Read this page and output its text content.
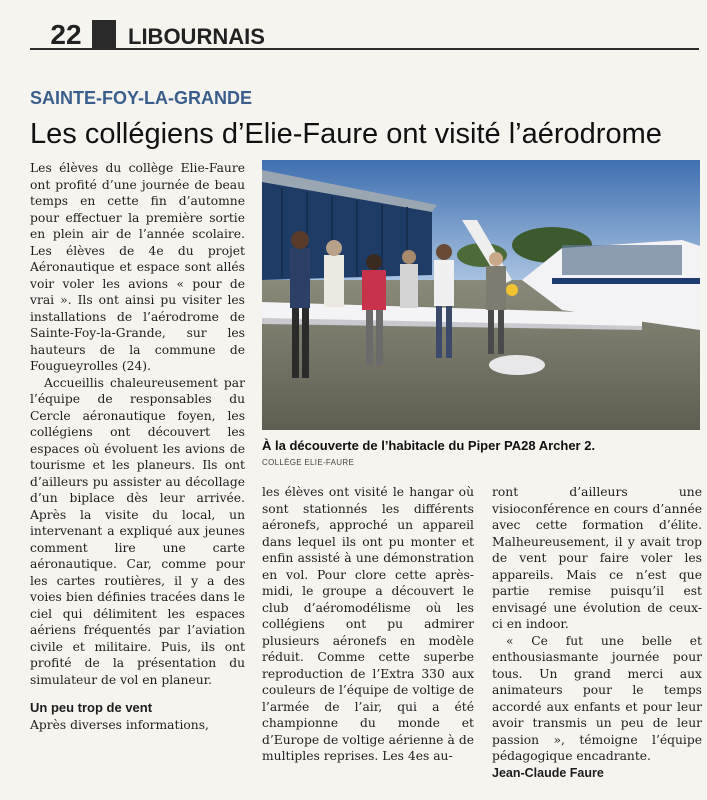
22	LIBOURNAIS
SAINTE-FOY-LA-GRANDE
Les collégiens d’Elie-Faure ont visité l’aérodrome

Les élèves du collège Elie-Faure ont profité d’une journée de beau temps en cette fin d’automne pour effectuer la première sortie en plein air de l’année scolaire. Les élèves de 4e du projet Aéronautique et espace sont allés voir voler les avions « pour de vrai ». Ils ont ainsi pu visiter les installations de l’aérodrome de Sainte-Foy-la-Grande, sur les hauteurs de la commune de Fougueyrolles (24).

Accueillis chaleureusement par l’équipe de responsables du Cercle aéronautique foyen, les collégiens ont découvert les espaces où évoluent les avions de tourisme et les planeurs. Ils ont d’ailleurs pu assister au décollage d’un biplace dès leur arrivée. Après la visite du local, un intervenant a expliqué aux jeunes comment lire une carte aéronautique. Car, comme pour les cartes routières, il y a des voies bien définies tracées dans le ciel qui délimitent les espaces aériens fréquentés par l’aviation civile et militaire. Puis, ils ont profité de la présentation du simulateur de vol en planeur.

Un peu trop de vent

Après diverses informations,

À la découverte de l’habitacle du Piper PA28 Archer 2.
COLLÈGE ELIE-FAURE

les élèves ont visité le hangar où sont stationnés les différents aéronefs, approché un appareil dans lequel ils ont pu monter et enfin assisté à une démonstration en vol. Pour clore cette après-midi, le groupe a découvert le club d’aéromodélisme où les collégiens ont pu admirer plusieurs aéronefs en modèle réduit. Comme cette superbe reproduction de l’Extra 330 aux couleurs de l’équipe de voltige de l’armée de l’air, qui a été championne du monde et d’Europe de voltige aérienne à de multiples reprises. Les 4es au-

ront d’ailleurs une visioconférence en cours d’année avec cette formation d’élite. Malheureusement, il y avait trop de vent pour faire voler les appareils. Mais ce n’est que partie remise puisqu’il est envisagé une évolution de ceux-ci en indoor.

« Ce fut une belle et enthousiasmante journée pour tous. Un grand merci aux animateurs pour le temps accordé aux enfants et pour leur avoir transmis un peu de leur passion », témoigne l’équipe pédagogique encadrante.

Jean-Claude Faure
